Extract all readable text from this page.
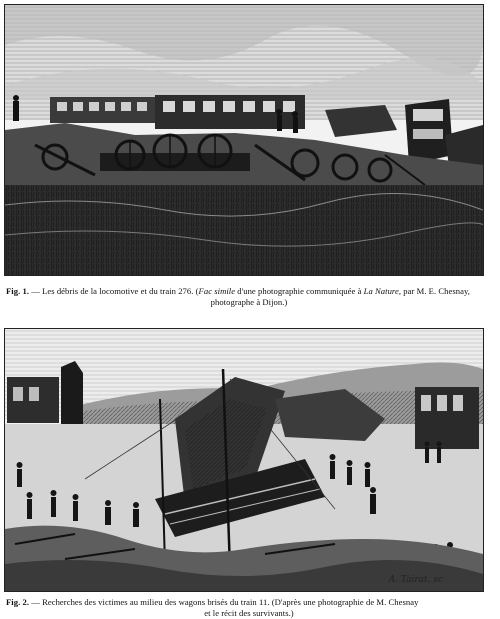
Fig. 1. — Les débris de la locomotive et du train 276. (Fac simile d'une photographie communiquée à La Nature, par M. E. Chesnay,
photographe à Dijon.)
A. Tairat. sc
Fig. 2. — Recherches des victimes au milieu des wagons brisés du train 11. (D'après une photographie de M. Chesnay
et le récit des survivants.)
